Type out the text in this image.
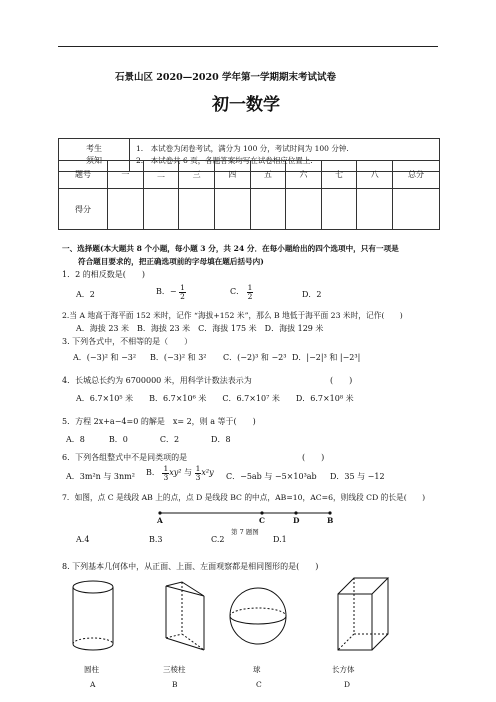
石景山区 2020—2020 学年第一学期期末考试试卷
初一数学
考生
须知

1.　本试卷为闭卷考试，满分为 100 分，考试时间为 100 分钟.
2.　本试卷共 6 页，各题答案均写在试卷相应位置上.
题号	一	二	三	四	五	六	七	八	总分
得分									
一、选择题(本大题共 8 个小题，每小题 3 分，共 24 分．在每小题给出的四个选项中，只有一项是
符合题目要求的，把正确选项前的字母填在题后括号内)
1．2 的相反数是(　　)
A．2	B．− $\frac{1}{2}$	C． $\frac{1}{2}$	D．2
2.当 A 地高于海平面 152 米时，记作 “海拔+152 米”，那么 B 地低于海平面 23 米时，记作(　　)
A．海拔 23 米　B．海拔 23 米　C．海拔 175 米　D．海拔 129 米
3. 下列各式中，不相等的是（　　）
A．(−3)² 和 −3² B．(−3)² 和 3² C．(−2)³ 和 −2³ D．|−2|³ 和 |−2³|
4．长城总长约为 6700000 米，用科学计数法表示为	(　　)
A．6.7×10⁵ 米　　B．6.7×10⁶ 米　　C．6.7×10⁷ 米　　D．6.7×10⁸ 米
5．方程 2x+a−4=0 的解是　x= 2，则 a 等于(　　)
A．8　　　B．0　　　　C．2　　　　D．8
6．下列各组整式中不是同类项的是	(　　)
A．3m²n 与 3nm² B． $\frac{1}{3} xy^2$ 与 $\frac{1}{3} x^2y$ C．−5ab 与 −5×10³ab D．35 与 −12
7．如图，点 C 是线段 AB 上的点，点 D 是线段 BC 的中点，AB=10，AC=6，则线段 CD 的长是(　　)
A	C	D	B
第 7 题图
A.4	B.3	C.2	D.1
8. 下列基本几何体中，从正面、上面、左面观察都是相同图形的是(　　)
圆柱	三棱柱	球	长方体
A	B	C	D
